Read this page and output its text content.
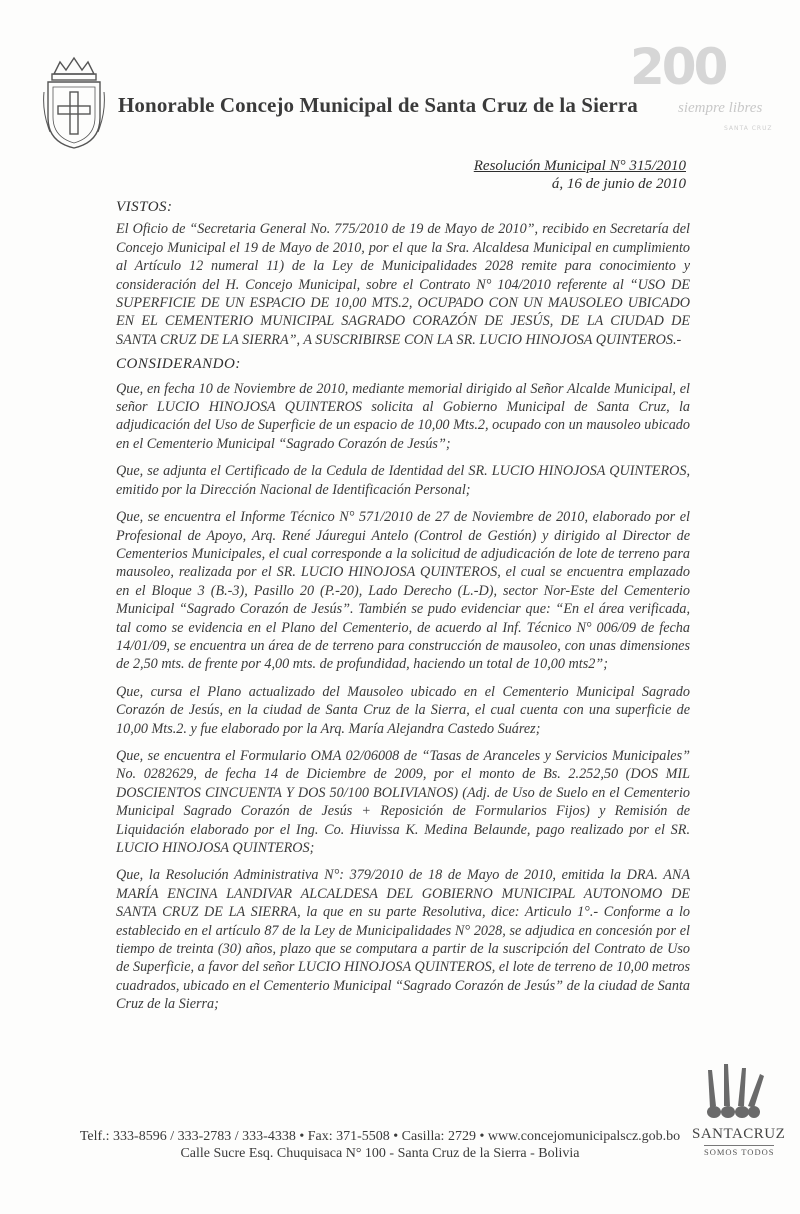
Honorable Concejo Municipal de Santa Cruz de la Sierra
200
siempre libres
SANTA CRUZ
Resolución Municipal N° 315/2010
á, 16 de junio de 2010
VISTOS:

El Oficio de “Secretaria General No. 775/2010 de 19 de Mayo de 2010”, recibido en Secretaría del Concejo Municipal el 19 de Mayo de 2010, por el que la Sra. Alcaldesa Municipal en cumplimiento al Artículo 12 numeral 11) de la Ley de Municipalidades 2028 remite para conocimiento y consideración del H. Concejo Municipal, sobre el Contrato N° 104/2010 referente al “USO DE SUPERFICIE DE UN ESPACIO DE 10,00 MTS.2, OCUPADO CON UN MAUSOLEO UBICADO EN EL CEMENTERIO MUNICIPAL SAGRADO CORAZÓN DE JESÚS, DE LA CIUDAD DE SANTA CRUZ DE LA SIERRA”, A SUSCRIBIRSE CON LA SR. LUCIO HINOJOSA QUINTEROS.-

CONSIDERANDO:

Que, en fecha 10 de Noviembre de 2010, mediante memorial dirigido al Señor Alcalde Municipal, el señor LUCIO HINOJOSA QUINTEROS solicita al Gobierno Municipal de Santa Cruz, la adjudicación del Uso de Superficie de un espacio de 10,00 Mts.2, ocupado con un mausoleo ubicado en el Cementerio Municipal “Sagrado Corazón de Jesús”;

Que, se adjunta el Certificado de la Cedula de Identidad del SR. LUCIO HINOJOSA QUINTEROS, emitido por la Dirección Nacional de Identificación Personal;

Que, se encuentra el Informe Técnico N° 571/2010 de 27 de Noviembre de 2010, elaborado por el Profesional de Apoyo, Arq. René Jáuregui Antelo (Control de Gestión) y dirigido al Director de Cementerios Municipales, el cual corresponde a la solicitud de adjudicación de lote de terreno para mausoleo, realizada por el SR. LUCIO HINOJOSA QUINTEROS, el cual se encuentra emplazado en el Bloque 3 (B.-3), Pasillo 20 (P.-20), Lado Derecho (L.-D), sector Nor-Este del Cementerio Municipal “Sagrado Corazón de Jesús”. También se pudo evidenciar que: “En el área verificada, tal como se evidencia en el Plano del Cementerio, de acuerdo al Inf. Técnico N° 006/09 de fecha 14/01/09, se encuentra un área de de terreno para construcción de mausoleo, con unas dimensiones de 2,50 mts. de frente por 4,00 mts. de profundidad, haciendo un total de 10,00 mts2”;

Que, cursa el Plano actualizado del Mausoleo ubicado en el Cementerio Municipal Sagrado Corazón de Jesús, en la ciudad de Santa Cruz de la Sierra, el cual cuenta con una superficie de 10,00 Mts.2. y fue elaborado por la Arq. María Alejandra Castedo Suárez;

Que, se encuentra el Formulario OMA 02/06008 de “Tasas de Aranceles y Servicios Municipales” No. 0282629, de fecha 14 de Diciembre de 2009, por el monto de Bs. 2.252,50 (DOS MIL DOSCIENTOS CINCUENTA Y DOS 50/100 BOLIVIANOS) (Adj. de Uso de Suelo en el Cementerio Municipal Sagrado Corazón de Jesús + Reposición de Formularios Fijos) y Remisión de Liquidación elaborado por el Ing. Co. Hiuvissa K. Medina Belaunde, pago realizado por el SR. LUCIO HINOJOSA QUINTEROS;

Que, la Resolución Administrativa N°: 379/2010 de 18 de Mayo de 2010, emitida la DRA. ANA MARÍA ENCINA LANDIVAR ALCALDESA DEL GOBIERNO MUNICIPAL AUTONOMO DE SANTA CRUZ DE LA SIERRA, la que en su parte Resolutiva, dice: Articulo 1°.- Conforme a lo establecido en el artículo 87 de la Ley de Municipalidades N° 2028, se adjudica en concesión por el tiempo de treinta (30) años, plazo que se computara a partir de la suscripción del Contrato de Uso de Superficie, a favor del señor LUCIO HINOJOSA QUINTEROS, el lote de terreno de 10,00 metros cuadrados, ubicado en el Cementerio Municipal “Sagrado Corazón de Jesús” de la ciudad de Santa Cruz de la Sierra;

Telf.: 333-8596 / 333-2783 / 333-4338 • Fax: 371-5508 • Casilla: 2729 • www.concejomunicipalscz.gob.bo
Calle Sucre Esq. Chuquisaca N° 100 - Santa Cruz de la Sierra - Bolivia
SANTACRUZ
SOMOS TODOS
